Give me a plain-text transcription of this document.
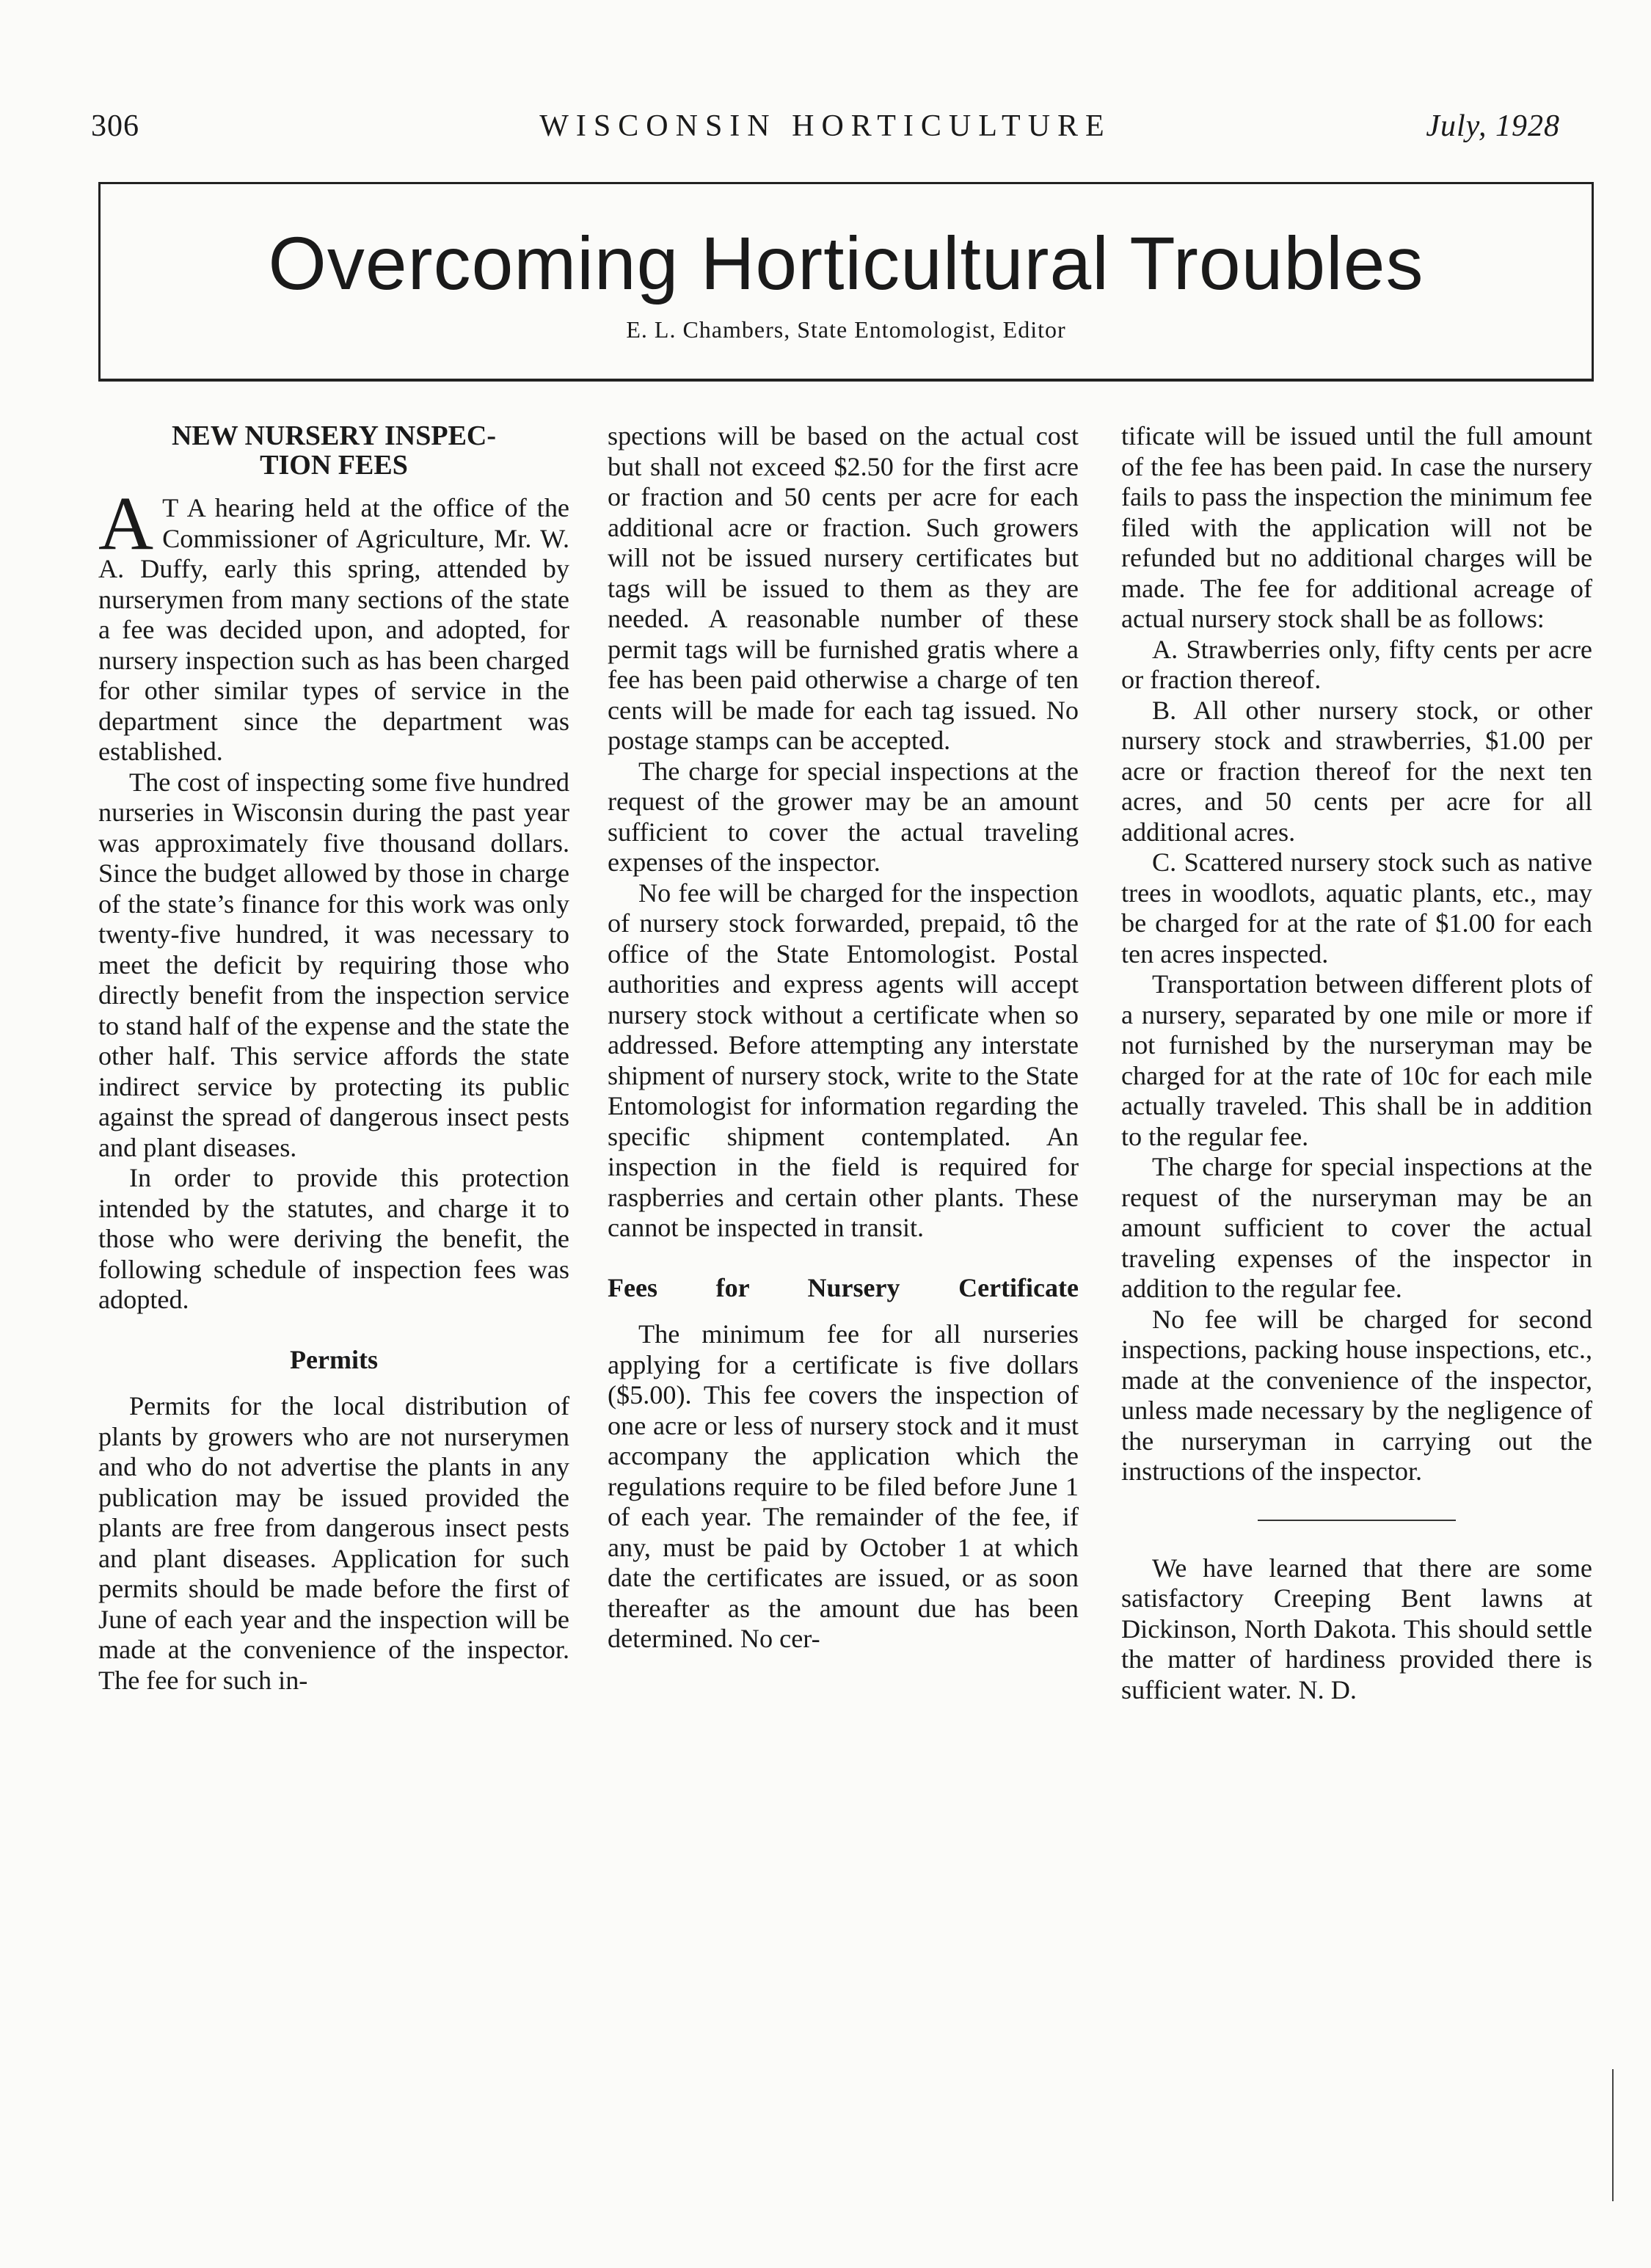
306	WISCONSIN HORTICULTURE	July, 1928
Overcoming Horticultural Troubles
E. L. Chambers, State Entomologist, Editor
NEW NURSERY INSPEC-
TION FEES

A T A hearing held at the office of the Commissioner of Agriculture, Mr. W. A. Duffy, early this spring, attended by nurserymen from many sections of the state a fee was decided upon, and adopted, for nursery inspection such as has been charged for other similar types of service in the department since the department was established.

The cost of inspecting some five hundred nurseries in Wisconsin during the past year was approximately five thousand dollars. Since the budget allowed by those in charge of the state’s finance for this work was only twenty-five hundred, it was necessary to meet the deficit by requiring those who directly benefit from the inspection service to stand half of the expense and the state the other half. This service affords the state indirect service by protecting its public against the spread of dangerous insect pests and plant diseases.

In order to provide this protection intended by the statutes, and charge it to those who were deriving the benefit, the following schedule of inspection fees was adopted.

Permits

Permits for the local distribution of plants by growers who are not nurserymen and who do not advertise the plants in any publication may be issued provided the plants are free from dangerous insect pests and plant diseases. Application for such permits should be made before the first of June of each year and the inspection will be made at the convenience of the inspector. The fee for such in-

spections will be based on the actual cost but shall not exceed $2.50 for the first acre or fraction and 50 cents per acre for each additional acre or fraction. Such growers will not be issued nursery certificates but tags will be issued to them as they are needed. A reasonable number of these permit tags will be furnished gratis where a fee has been paid otherwise a charge of ten cents will be made for each tag issued. No postage stamps can be accepted.

The charge for special inspections at the request of the grower may be an amount sufficient to cover the actual traveling expenses of the inspector.

No fee will be charged for the inspection of nursery stock forwarded, prepaid, tô the office of the State Entomologist. Postal authorities and express agents will accept nursery stock without a certificate when so addressed. Before attempting any interstate shipment of nursery stock, write to the State Entomologist for information regarding the specific shipment contemplated. An inspection in the field is required for raspberries and certain other plants. These cannot be inspected in transit.

Fees for Nursery Certificate

The minimum fee for all nurseries applying for a certificate is five dollars ($5.00). This fee covers the inspection of one acre or less of nursery stock and it must accompany the application which the regulations require to be filed before June 1 of each year. The remainder of the fee, if any, must be paid by October 1 at which date the certificates are issued, or as soon thereafter as the amount due has been determined. No cer-

tificate will be issued until the full amount of the fee has been paid. In case the nursery fails to pass the inspection the minimum fee filed with the application will not be refunded but no additional charges will be made. The fee for additional acreage of actual nursery stock shall be as follows:

A. Strawberries only, fifty cents per acre or fraction thereof.

B. All other nursery stock, or other nursery stock and strawberries, $1.00 per acre or fraction thereof for the next ten acres, and 50 cents per acre for all additional acres.

C. Scattered nursery stock such as native trees in woodlots, aquatic plants, etc., may be charged for at the rate of $1.00 for each ten acres inspected.

Transportation between different plots of a nursery, separated by one mile or more if not furnished by the nurseryman may be charged for at the rate of 10c for each mile actually traveled. This shall be in addition to the regular fee.

The charge for special inspections at the request of the nurseryman may be an amount sufficient to cover the actual traveling expenses of the inspector in addition to the regular fee.

No fee will be charged for second inspections, packing house inspections, etc., made at the convenience of the inspector, unless made necessary by the negligence of the nurseryman in carrying out the instructions of the inspector.

We have learned that there are some satisfactory Creeping Bent lawns at Dickinson, North Dakota. This should settle the matter of hardiness provided there is sufficient water. N. D.
